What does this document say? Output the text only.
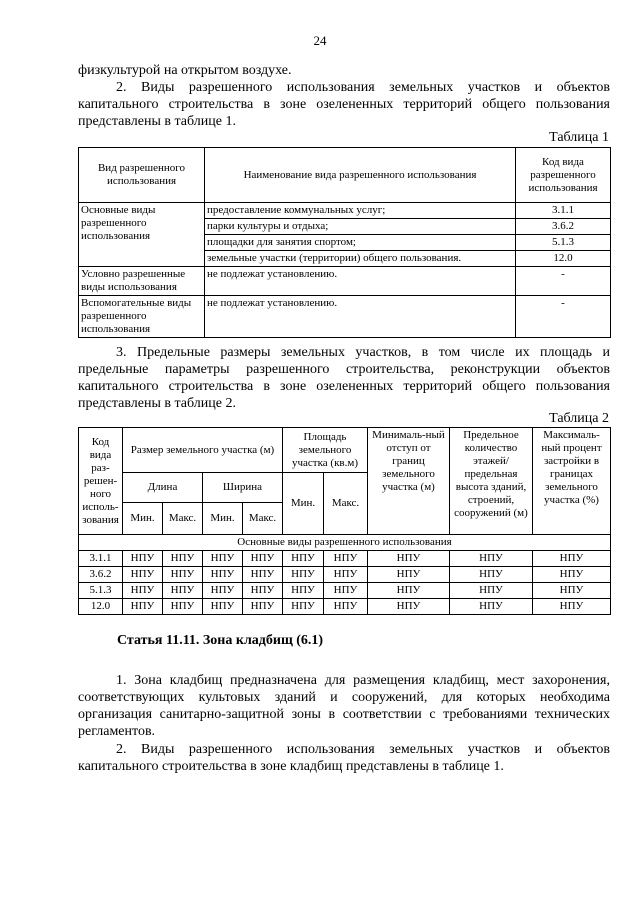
24
физкультурой на открытом воздухе.
2. Виды разрешенного использования земельных участков и объектов капитального строительства в зоне озелененных территорий общего пользования представлены в таблице 1.
Таблица 1
Вид разрешенного использования	Наименование вида разрешенного использования	Код вида разрешенного использования
Основные виды разрешенного использования	предоставление коммунальных услуг;	3.1.1
	парки культуры и отдыха;	3.6.2
	площадки для занятия спортом;	5.1.3
	земельные участки (территории) общего пользования.	12.0
Условно разрешенные виды использования	не подлежат установлению.	-
Вспомогательные виды разрешенного использования	не подлежат установлению.	-
3. Предельные размеры земельных участков, в том числе их площадь и предельные параметры разрешенного строительства, реконструкции объектов капитального строительства в зоне озелененных территорий общего пользования представлены в таблице 2.
Таблица 2
Код вида раз-решен-ного исполь-зования	Размер земельного участка (м)				Площадь земельного участка (кв.м)		Минималь-ный отступ от границ земельного участка (м)	Предельное количество этажей/ предельная высота зданий, строений, сооружений (м)	Максималь-ный процент застройки в границах земельного участка (%)
	Длина		Ширина		Мин.	Макс.			
	Мин.	Макс.	Мин.	Макс.					
Основные виды разрешенного использования									
3.1.1	НПУ	НПУ	НПУ	НПУ	НПУ	НПУ	НПУ	НПУ	НПУ
3.6.2	НПУ	НПУ	НПУ	НПУ	НПУ	НПУ	НПУ	НПУ	НПУ
5.1.3	НПУ	НПУ	НПУ	НПУ	НПУ	НПУ	НПУ	НПУ	НПУ
12.0	НПУ	НПУ	НПУ	НПУ	НПУ	НПУ	НПУ	НПУ	НПУ
Статья 11.11. Зона кладбищ (6.1)
1. Зона кладбищ предназначена для размещения кладбищ, мест захоронения, соответствующих культовых зданий и сооружений, для которых необходима организация санитарно-защитной зоны в соответствии с требованиями технических регламентов.
2. Виды разрешенного использования земельных участков и объектов капитального строительства в зоне кладбищ представлены в таблице 1.
